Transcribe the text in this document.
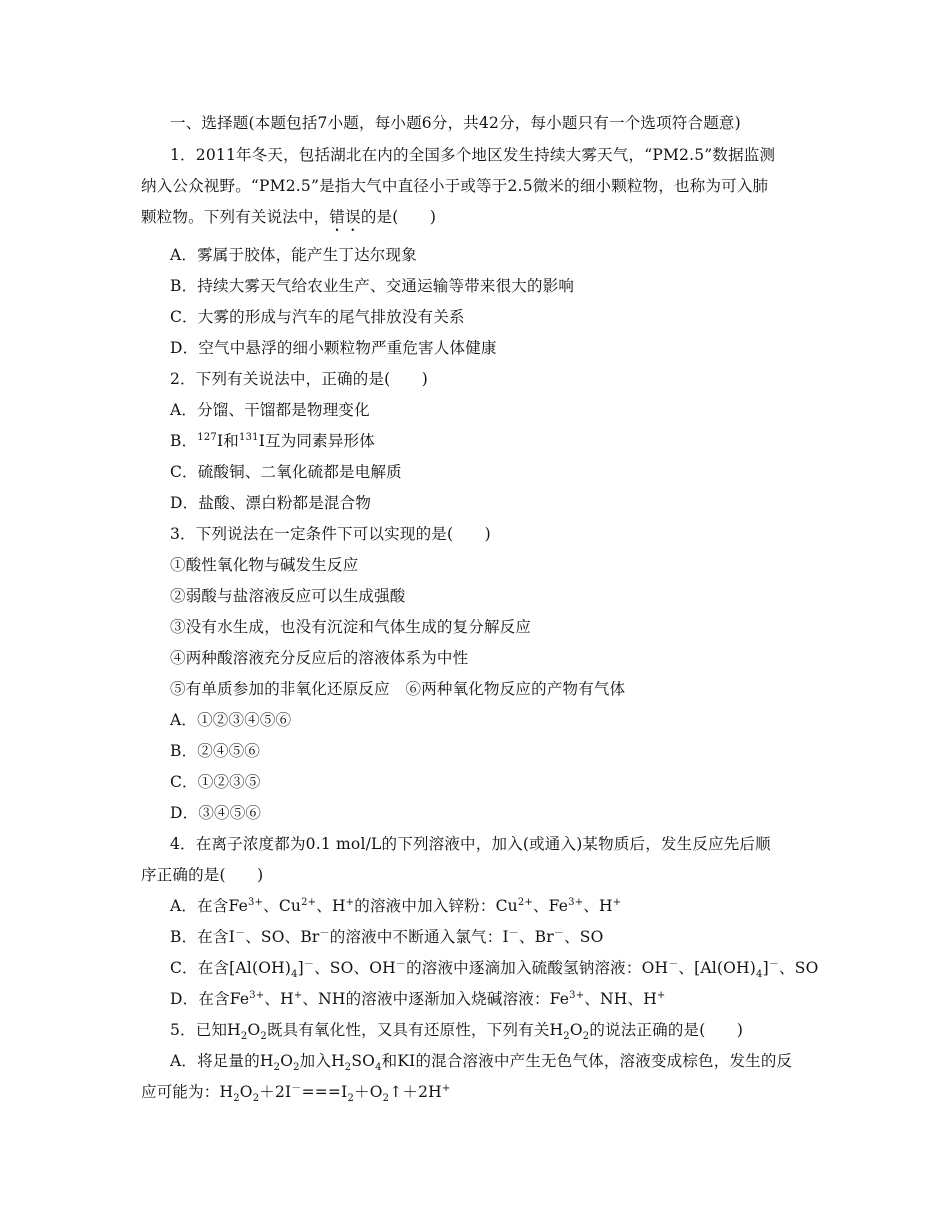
一、选择题(本题包括7小题，每小题6分，共42分，每小题只有一个选项符合题意)
1．2011年冬天，包括湖北在内的全国多个地区发生持续大雾天气，“PM2.5”数据监测
纳入公众视野。“PM2.5”是指大气中直径小于或等于2.5微米的细小颗粒物，也称为可入肺
颗粒物。下列有关说法中，错误的是(　　)
A．雾属于胶体，能产生丁达尔现象
B．持续大雾天气给农业生产、交通运输等带来很大的影响
C．大雾的形成与汽车的尾气排放没有关系
D．空气中悬浮的细小颗粒物严重危害人体健康
2．下列有关说法中，正确的是(　　)
A．分馏、干馏都是物理变化
B．$^{127}$I和$^{131}$I互为同素异形体
C．硫酸铜、二氧化硫都是电解质
D．盐酸、漂白粉都是混合物
3．下列说法在一定条件下可以实现的是(　　)
①酸性氧化物与碱发生反应
②弱酸与盐溶液反应可以生成强酸
③没有水生成，也没有沉淀和气体生成的复分解反应
④两种酸溶液充分反应后的溶液体系为中性
⑤有单质参加的非氧化还原反应　⑥两种氧化物反应的产物有气体
A．①②③④⑤⑥
B．②④⑤⑥
C．①②③⑤
D．③④⑤⑥
4．在离子浓度都为0.1 mol/L的下列溶液中，加入(或通入)某物质后，发生反应先后顺
序正确的是(　　)
A．在含$Fe^{3+}$、$Cu^{2+}$、H+的溶液中加入锌粉：$Cu^{2+}$、$Fe^{3+}$、H+
B．在含I－、SO、Br－的溶液中不断通入氯气：I－、Br－、SO
C．在含$[Al(OH)_4]^-$、SO、OH－的溶液中逐滴加入硫酸氢钠溶液：OH－、$[Al(OH)_4]^-$、SO
D．在含$Fe^{3+}$、H+、NH的溶液中逐渐加入烧碱溶液：$Fe^{3+}$、NH、H+
5．已知$H_2O_2$既具有氧化性，又具有还原性，下列有关$H_2O_2$的说法正确的是(　　)
A．将足量的$H_2O_2$加入$H_2SO_4$和KI的混合溶液中产生无色气体，溶液变成棕色，发生的反
应可能为：$H_2O_2+2I^-===I_2+O_2↑+2H^+$
